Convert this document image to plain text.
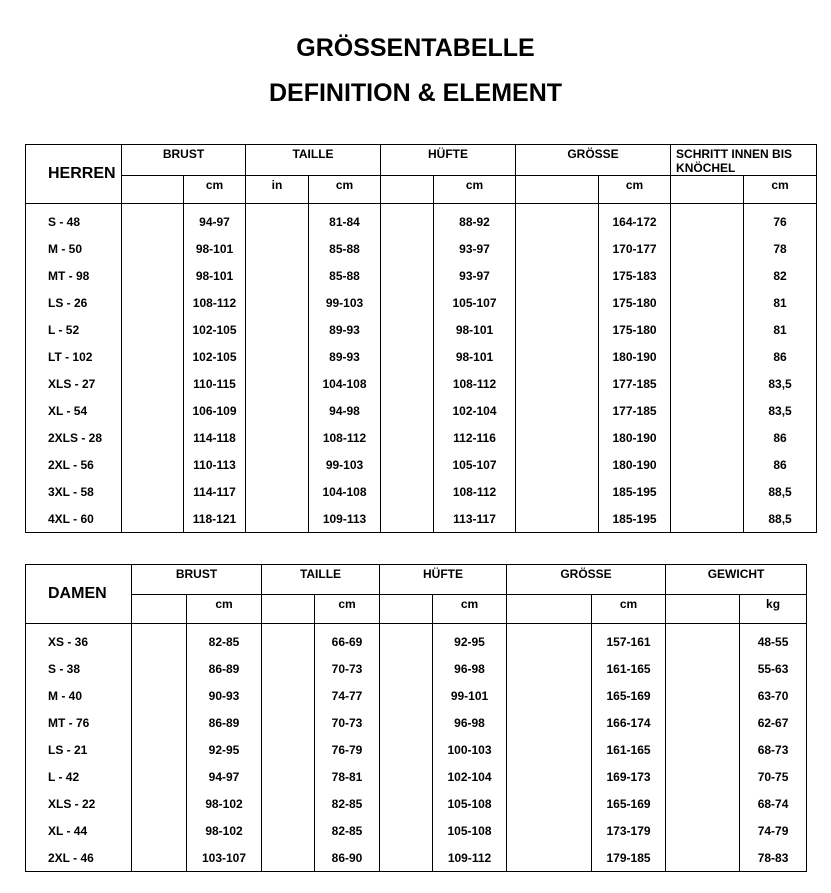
GRÖSSENTABELLE
DEFINITION & ELEMENT
HERREN	BRUST		TAILLE		HÜFTE		GRÖSSE		SCHRITT INNEN BIS KNÖCHEL	
		cm	in	cm		cm		cm		cm

S - 48		94-97		81-84		88-92		164-172		76
M - 50		98-101		85-88		93-97		170-177		78
MT - 98		98-101		85-88		93-97		175-183		82
LS - 26		108-112		99-103		105-107		175-180		81
L - 52		102-105		89-93		98-101		175-180		81
LT - 102		102-105		89-93		98-101		180-190		86
XLS - 27		110-115		104-108		108-112		177-185		83,5
XL - 54		106-109		94-98		102-104		177-185		83,5
2XLS - 28		114-118		108-112		112-116		180-190		86
2XL - 56		110-113		99-103		105-107		180-190		86
3XL - 58		114-117		104-108		108-112		185-195		88,5
4XL - 60		118-121		109-113		113-117		185-195		88,5
DAMEN	BRUST		TAILLE		HÜFTE		GRÖSSE		GEWICHT	
		cm		cm		cm		cm		kg

XS - 36		82-85		66-69		92-95		157-161		48-55
S - 38		86-89		70-73		96-98		161-165		55-63
M - 40		90-93		74-77		99-101		165-169		63-70
MT - 76		86-89		70-73		96-98		166-174		62-67
LS - 21		92-95		76-79		100-103		161-165		68-73
L - 42		94-97		78-81		102-104		169-173		70-75
XLS - 22		98-102		82-85		105-108		165-169		68-74
XL - 44		98-102		82-85		105-108		173-179		74-79
2XL - 46		103-107		86-90		109-112		179-185		78-83
